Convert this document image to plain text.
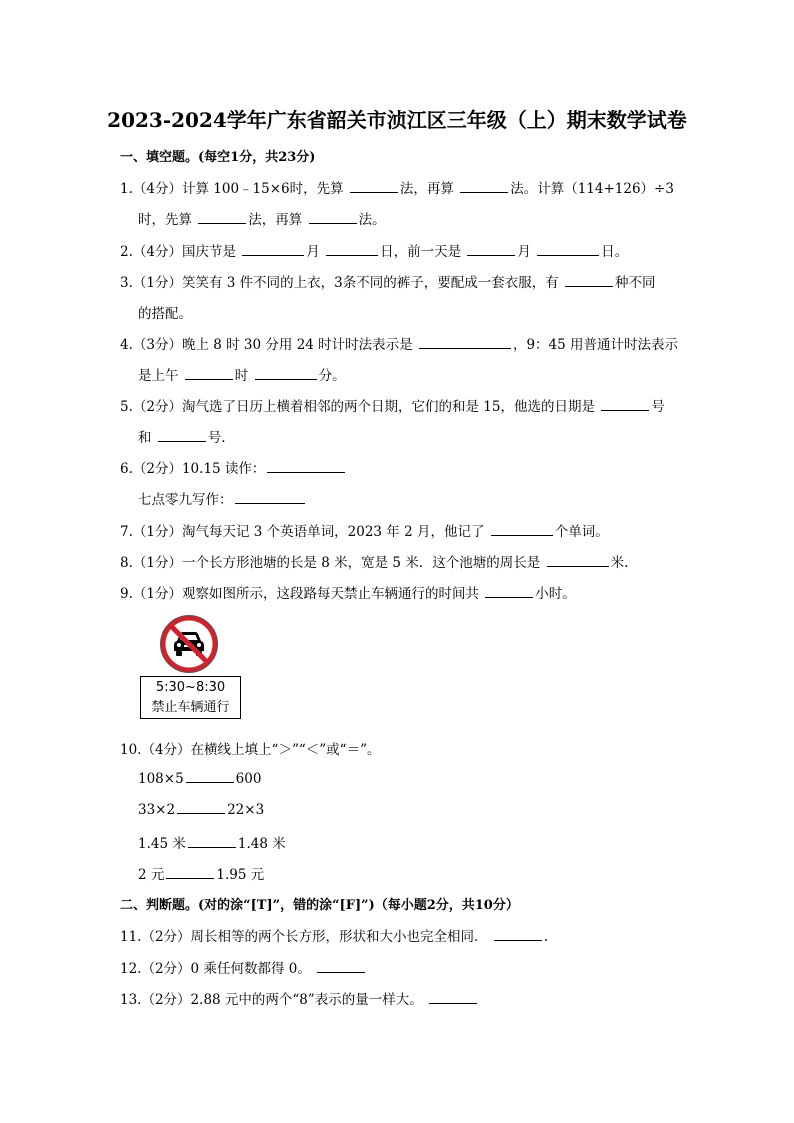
2023-2024学年广东省韶关市浈江区三年级（上）期末数学试卷
一、填空题。(每空1分，共23分)
1.（4分）计算 100﹣15×6时，先算	法，再算	法。计算（114+126）÷3
时，先算	法，再算	法。
2.（4分）国庆节是	月	日，前一天是	月	日。
3.（1分）笑笑有 3 件不同的上衣，3条不同的裤子，要配成一套衣服，有	种不同
的搭配。
4.（3分）晚上 8 时 30 分用 24 时计时法表示是	，9：45 用普通计时法表示
是上午	时	分。
5.（2分）淘气选了日历上横着相邻的两个日期，它们的和是 15，他选的日期是	号
和	号.
6.（2分）10.15 读作：
七点零九写作：
7.（1分）淘气每天记 3 个英语单词，2023 年 2 月，他记了	个单词。
8.（1分）一个长方形池塘的长是 8 米，宽是 5 米．这个池塘的周长是	米.
9.（1分）观察如图所示，这段路每天禁止车辆通行的时间共	小时。
5:30~8:30
禁止车辆通行
10.（4分）在横线上填上“＞”“＜”或“＝”。
108×5	600
33×2	22×3
1.45 米	1.48 米
2 元	1.95 元
二、判断题。(对的涂“[T]”，错的涂“[F]”)（每小题2分，共10分）
11.（2分）周长相等的两个长方形，形状和大小也完全相同．	.
12.（2分）0 乘任何数都得 0。
13.（2分）2.88 元中的两个“8”表示的量一样大。
